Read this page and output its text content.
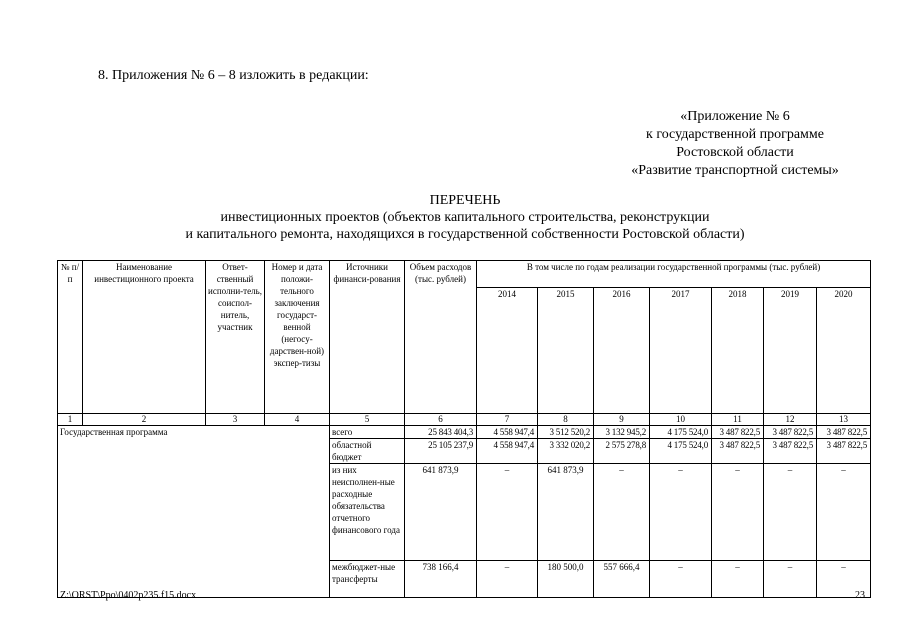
8. Приложения № 6 – 8 изложить в редакции:
«Приложение № 6
к государственной программе
Ростовской области
«Развитие транспортной системы»
ПЕРЕЧЕНЬ
инвестиционных проектов (объектов капитального строительства, реконструкции
и капитального ремонта, находящихся в государственной собственности Ростовской области)
№ п/п	Наименование инвестиционного проекта	Ответ-ственный исполни-тель, соиспол-нитель, участник	Номер и дата положи-тельного заключения государст-венной (негосу-дарствен-ной) экспер-тизы	Источники финанси-рования	Объем расходов (тыс. рублей)	В том числе по годам реализации государственной программы (тыс. рублей)						
						2014	2015	2016	2017	2018	2019	2020
1	2	3	4	5	6	7	8	9	10	11	12	13
Государственная программа				всего	25 843 404,3	4 558 947,4	3 512 520,2	3 132 945,2	4 175 524,0	3 487 822,5	3 487 822,5	3 487 822,5
				областной бюджет	25 105 237,9	4 558 947,4	3 332 020,2	2 575 278,8	4 175 524,0	3 487 822,5	3 487 822,5	3 487 822,5
				из них неисполнен-ные расходные обязательства отчетного финансового года	641 873,9	–	641 873,9	–	–	–	–	–
				межбюджет-ные трансферты	738 166,4	–	180 500,0	557 666,4	–	–	–	–
Z:\ORST\Ppo\0402p235.f15.docx	23
